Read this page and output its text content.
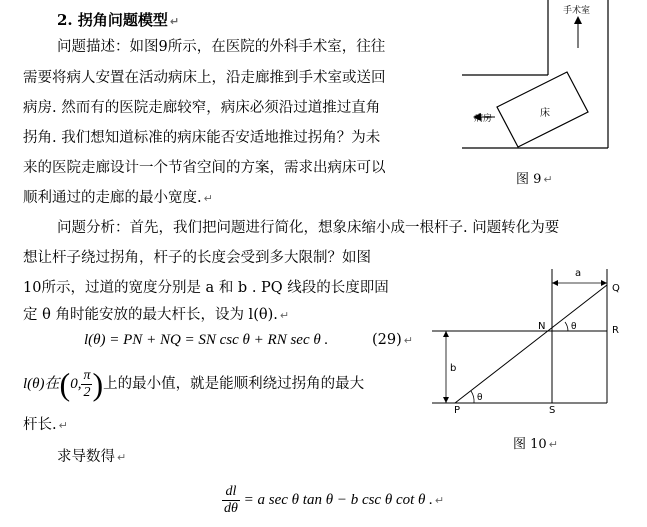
2. 拐角问题模型 ↵
问题描述：如图9所示，在医院的外科手术室，往往
需要将病人安置在活动病床上，沿走廊推到手术室或送回
病房. 然而有的医院走廊较窄，病床必须沿过道推过直角
拐角. 我们想知道标准的病床能否安适地推过拐角？为未
来的医院走廊设计一个节省空间的方案，需求出病床可以
顺利通过的走廊的最小宽度. ↵
问题分析：首先，我们把问题进行简化，想象床缩小成一根杆子. 问题转化为要
想让杆子绕过拐角，杆子的长度会受到多大限制？如图
10所示，过道的宽度分别是 a 和 b . PQ 线段的长度即固
定 θ 角时能安放的最大杆长，设为 l(θ). ↵
l(θ) = PN + NQ = SN csc θ + RN sec θ .	(29) ↵
l(θ)在(0, $\frac{\pi}{2}$ )上的最小值，就是能顺利绕过拐角的最大
杆长. ↵
求导数得 ↵
$\frac{dl}{d\theta} = a$ sec θ tan θ − b csc θ cot θ . ↵
床
手术室
病房
图 9 ↵
a
b
Q
R
N
P	S
θ
θ
图 10 ↵
